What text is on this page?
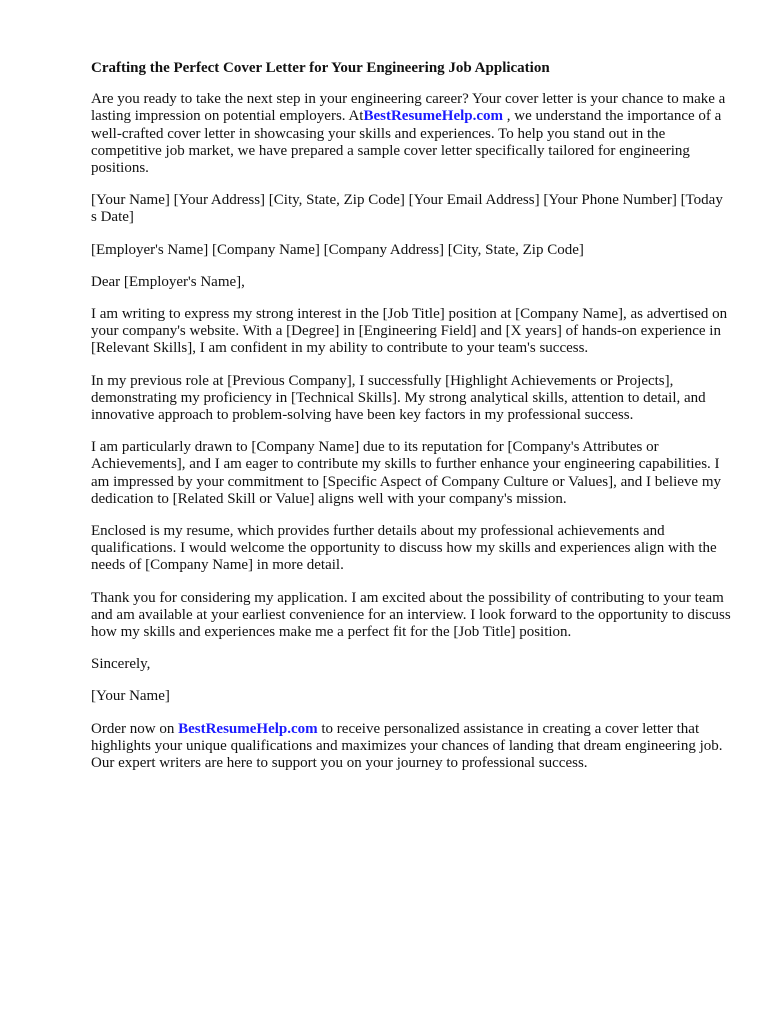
Crafting the Perfect Cover Letter for Your Engineering Job Application

Are you ready to take the next step in your engineering career? Your cover letter is your chance to make a lasting impression on potential employers. AtBestResumeHelp.com , we understand the importance of a well-crafted cover letter in showcasing your skills and experiences. To help you stand out in the competitive job market, we have prepared a sample cover letter specifically tailored for engineering positions.

[Your Name] [Your Address] [City, State, Zip Code] [Your Email Address] [Your Phone Number] [Today s Date]

[Employer's Name] [Company Name] [Company Address] [City, State, Zip Code]

Dear [Employer's Name],

I am writing to express my strong interest in the [Job Title] position at [Company Name], as advertised on your company's website. With a [Degree] in [Engineering Field] and [X years] of hands-on experience in [Relevant Skills], I am confident in my ability to contribute to your team's success.

In my previous role at [Previous Company], I successfully [Highlight Achievements or Projects], demonstrating my proficiency in [Technical Skills]. My strong analytical skills, attention to detail, and innovative approach to problem-solving have been key factors in my professional success.

I am particularly drawn to [Company Name] due to its reputation for [Company's Attributes or Achievements], and I am eager to contribute my skills to further enhance your engineering capabilities. I am impressed by your commitment to [Specific Aspect of Company Culture or Values], and I believe my dedication to [Related Skill or Value] aligns well with your company's mission.

Enclosed is my resume, which provides further details about my professional achievements and qualifications. I would welcome the opportunity to discuss how my skills and experiences align with the needs of [Company Name] in more detail.

Thank you for considering my application. I am excited about the possibility of contributing to your team and am available at your earliest convenience for an interview. I look forward to the opportunity to discuss how my skills and experiences make me a perfect fit for the [Job Title] position.

Sincerely,

[Your Name]

Order now on BestResumeHelp.com to receive personalized assistance in creating a cover letter that highlights your unique qualifications and maximizes your chances of landing that dream engineering job. Our expert writers are here to support you on your journey to professional success.
